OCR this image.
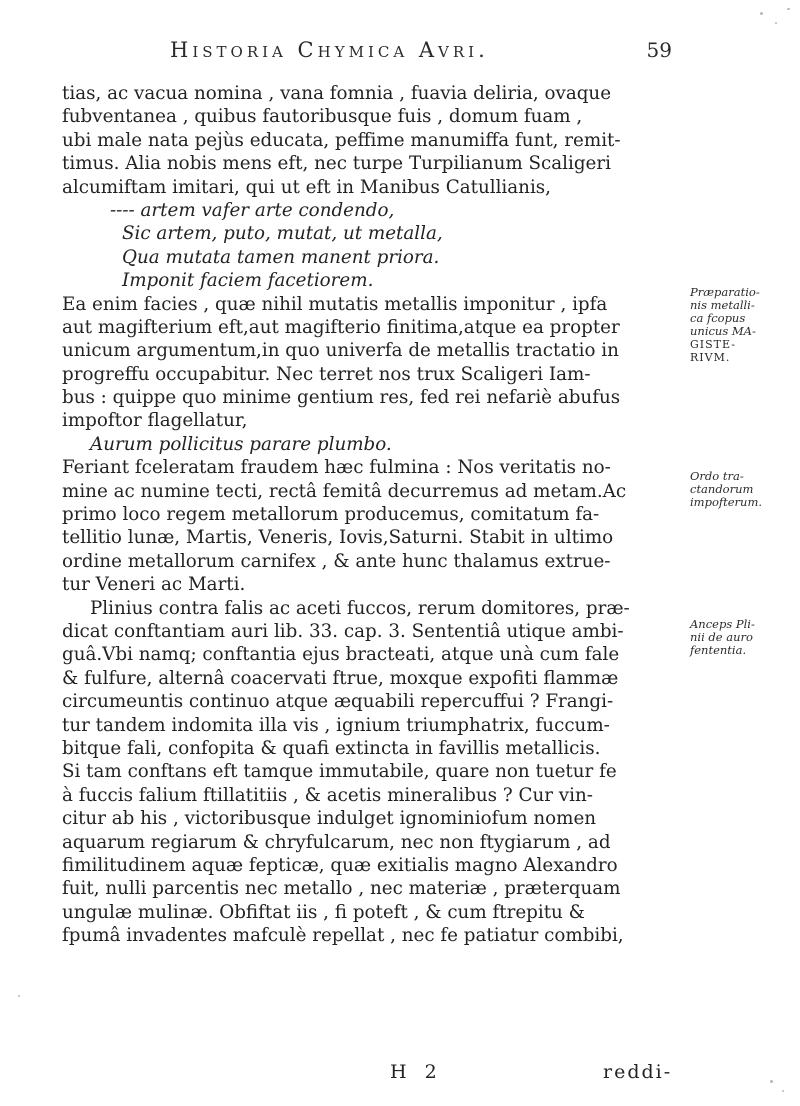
Historia Chymica Avri.	59
tias, ac vacua nomina , vana fomnia , fuavia deliria, ovaque
fubventanea , quibus fautoribusque fuis , domum fuam ,
ubi male nata pejùs educata, peffime manumiffa funt, remit-
timus. Alia nobis mens eft, nec turpe Turpilianum Scaligeri
alcumiftam imitari, qui ut eft in Manibus Catullianis,
---- artem vafer arte condendo,
Sic artem, puto, mutat, ut metalla,
Qua mutata tamen manent priora.
Imponit faciem facetiorem.
Ea enim facies , quæ nihil mutatis metallis imponitur , ipfa
aut magifterium eft,aut magifterio finitima,atque ea propter
unicum argumentum,in quo univerfa de metallis tractatio in
progreffu occupabitur. Nec terret nos trux Scaligeri Iam-
bus : quippe quo minime gentium res, fed rei nefariè abufus
impoftor flagellatur,
Aurum pollicitus parare plumbo.
Feriant fceleratam fraudem hæc fulmina : Nos veritatis no-
mine ac numine tecti, rectâ femitâ decurremus ad metam.Ac
primo loco regem metallorum producemus, comitatum fa-
tellitio lunæ, Martis, Veneris, Iovis,Saturni. Stabit in ultimo
ordine metallorum carnifex , & ante hunc thalamus extrue-
tur Veneri ac Marti.
Plinius contra falis ac aceti fuccos, rerum domitores, præ-
dicat conftantiam auri lib. 33. cap. 3. Sententiâ utique ambi-
guâ.Vbi namq; conftantia ejus bracteati, atque unà cum fale
& fulfure, alternâ coacervati ftrue, moxque expofiti flammæ
circumeuntis continuo atque æquabili repercuffui ? Frangi-
tur tandem indomita illa vis , ignium triumphatrix, fuccum-
bitque fali, confopita & quafi extincta in favillis metallicis.
Si tam conftans eft tamque immutabile, quare non tuetur fe
à fuccis falium ftillatitiis , & acetis mineralibus ? Cur vin-
citur ab his , victoribusque indulget ignominiofum nomen
aquarum regiarum & chryfulcarum, nec non ftygiarum , ad
fimilitudinem aquæ fepticæ, quæ exitialis magno Alexandro
fuit, nulli parcentis nec metallo , nec materiæ , præterquam
ungulæ mulinæ. Obfiftat iis , fi poteft , & cum ftrepitu &
fpumâ invadentes mafculè repellat , nec fe patiatur combibi,
Præparatio-
nis metalli-
ca fcopus
unicus MA-
GISTE-
RIVM.
Ordo tra-
ctandorum
impofterum.
Anceps Pli-
nii de auro
fententia.
H 2	reddi-
